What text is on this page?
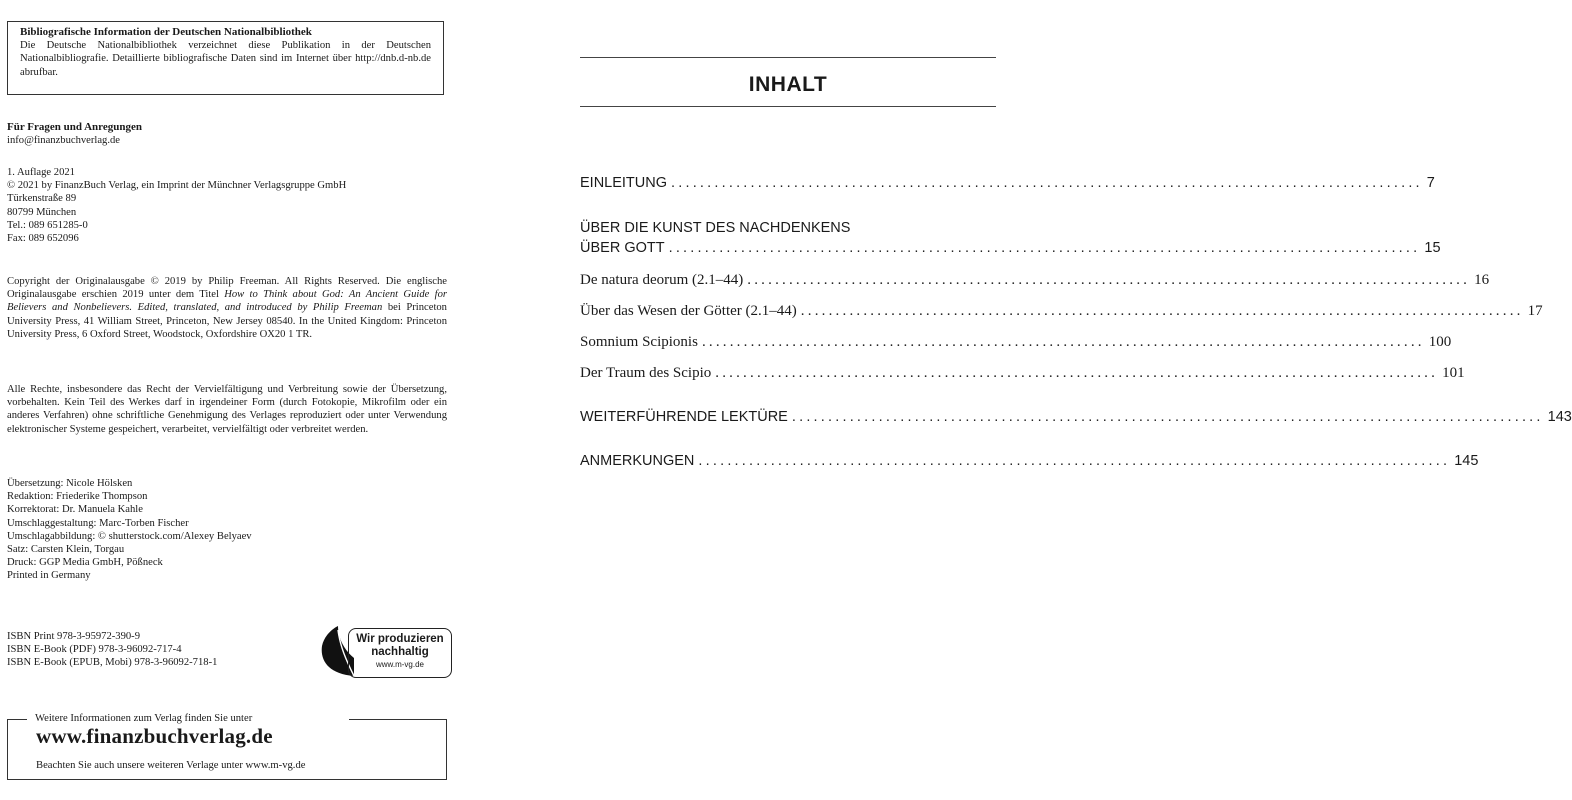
Bibliografische Information der Deutschen Nationalbibliothek
Die Deutsche Nationalbibliothek verzeichnet diese Publikation in der Deutschen Nationalbibliografie. Detaillierte bibliografische Daten sind im Internet über http://dnb.d-nb.de abrufbar.

Für Fragen und Anregungen

info@finanzbuchverlag.de

1. Auflage 2021

© 2021 by FinanzBuch Verlag, ein Imprint der Münchner Verlagsgruppe GmbH

Türkenstraße 89

80799 München

Tel.: 089 651285-0

Fax: 089 652096

Copyright der Originalausgabe © 2019 by Philip Freeman. All Rights Reserved. Die englische Originalausgabe erschien 2019 unter dem Titel How to Think about God: An Ancient Guide for Believers and Nonbelievers. Edited, translated, and introduced by Philip Freeman bei Princeton University Press, 41 William Street, Princeton, New Jersey 08540. In the United Kingdom: Princeton University Press, 6 Oxford Street, Woodstock, Oxfordshire OX20 1 TR.
Alle Rechte, insbesondere das Recht der Vervielfältigung und Verbreitung sowie der Übersetzung, vorbehalten. Kein Teil des Werkes darf in irgendeiner Form (durch Fotokopie, Mikrofilm oder ein anderes Verfahren) ohne schriftliche Genehmigung des Verlages reproduziert oder unter Verwendung elektronischer Systeme gespeichert, verarbeitet, vervielfältigt oder verbreitet werden.

Übersetzung: Nicole Hölsken

Redaktion: Friederike Thompson

Korrektorat: Dr. Manuela Kahle

Umschlaggestaltung: Marc-Torben Fischer

Umschlagabbildung: © shutterstock.com/Alexey Belyaev

Satz: Carsten Klein, Torgau

Druck: GGP Media GmbH, Pößneck

Printed in Germany

ISBN Print 978-3-95972-390-9

ISBN E-Book (PDF) 978-3-96092-717-4

ISBN E-Book (EPUB, Mobi) 978-3-96092-718-1

Wir produzieren
nachhaltig
www.m-vg.de
Weitere Informationen zum Verlag finden Sie unter
www.finanzbuchverlag.de
Beachten Sie auch unsere weiteren Verlage unter www.m-vg.de
INHALT
EINLEITUNG ........................................................................................................ 7
ÜBER DIE KUNST DES NACHDENKENS
ÜBER GOTT ........................................................................................................ 15
De natura deorum (2.1–44) ........................................................................................................ 16
Über das Wesen der Götter (2.1–44) ........................................................................................................ 17
Somnium Scipionis ........................................................................................................ 100
Der Traum des Scipio ........................................................................................................ 101
WEITERFÜHRENDE LEKTÜRE ........................................................................................................ 143
ANMERKUNGEN ........................................................................................................ 145
